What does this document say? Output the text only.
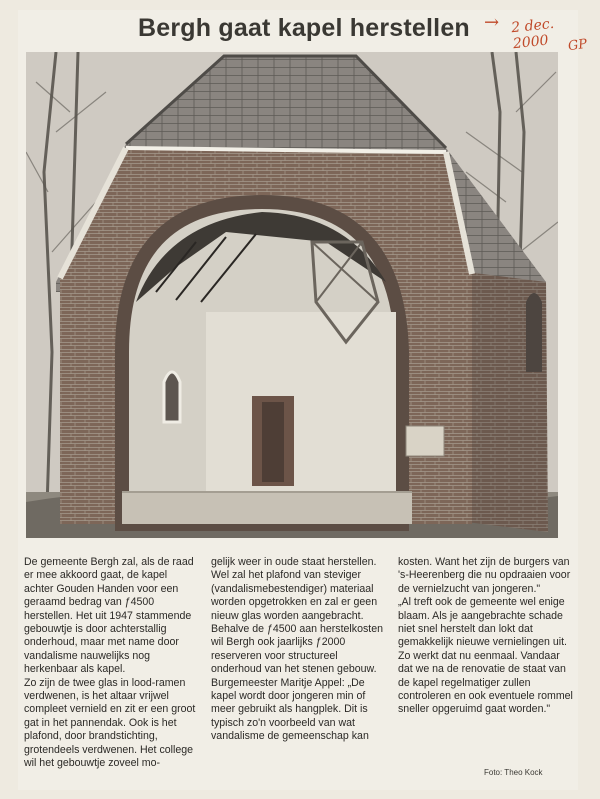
Bergh gaat kapel herstellen → 2 dec. 2000	GP

De gemeente Bergh zal, als de raad er mee akkoord gaat, de kapel achter Gouden Handen voor een geraamd bedrag van ƒ4500 herstellen. Het uit 1947 stammende gebouwtje is door achterstallig onderhoud, maar met name door vandalisme nauwelijks nog herkenbaar als kapel.

Zo zijn de twee glas in lood-ramen verdwenen, is het altaar vrijwel compleet vernield en zit er een groot gat in het pannendak. Ook is het plafond, door brandstichting, grotendeels verdwenen. Het college wil het gebouwtje zoveel mo-

gelijk weer in oude staat herstellen.

Wel zal het plafond van steviger (vandalismebestendiger) materiaal worden opgetrokken en zal er geen nieuw glas worden aangebracht. Behalve de ƒ4500 aan herstelkosten wil Bergh ook jaarlijks ƒ2000 reserveren voor structureel onderhoud van het stenen gebouw.

Burgemeester Maritje Appel: „De kapel wordt door jongeren min of meer gebruikt als hangplek. Dit is typisch zo'n voorbeeld van wat vandalisme de gemeenschap kan

kosten. Want het zijn de burgers van 's-Heerenberg die nu opdraaien voor de vernielzucht van jongeren."

„Al treft ook de gemeente wel enige blaam. Als je aangebrachte schade niet snel herstelt dan lokt dat gemakkelijk nieuwe vernielingen uit. Zo werkt dat nu eenmaal. Vandaar dat we na de renovatie de staat van de kapel regelmatiger zullen controleren en ook eventuele rommel sneller opgeruimd gaat worden."

Foto: Theo Kock
